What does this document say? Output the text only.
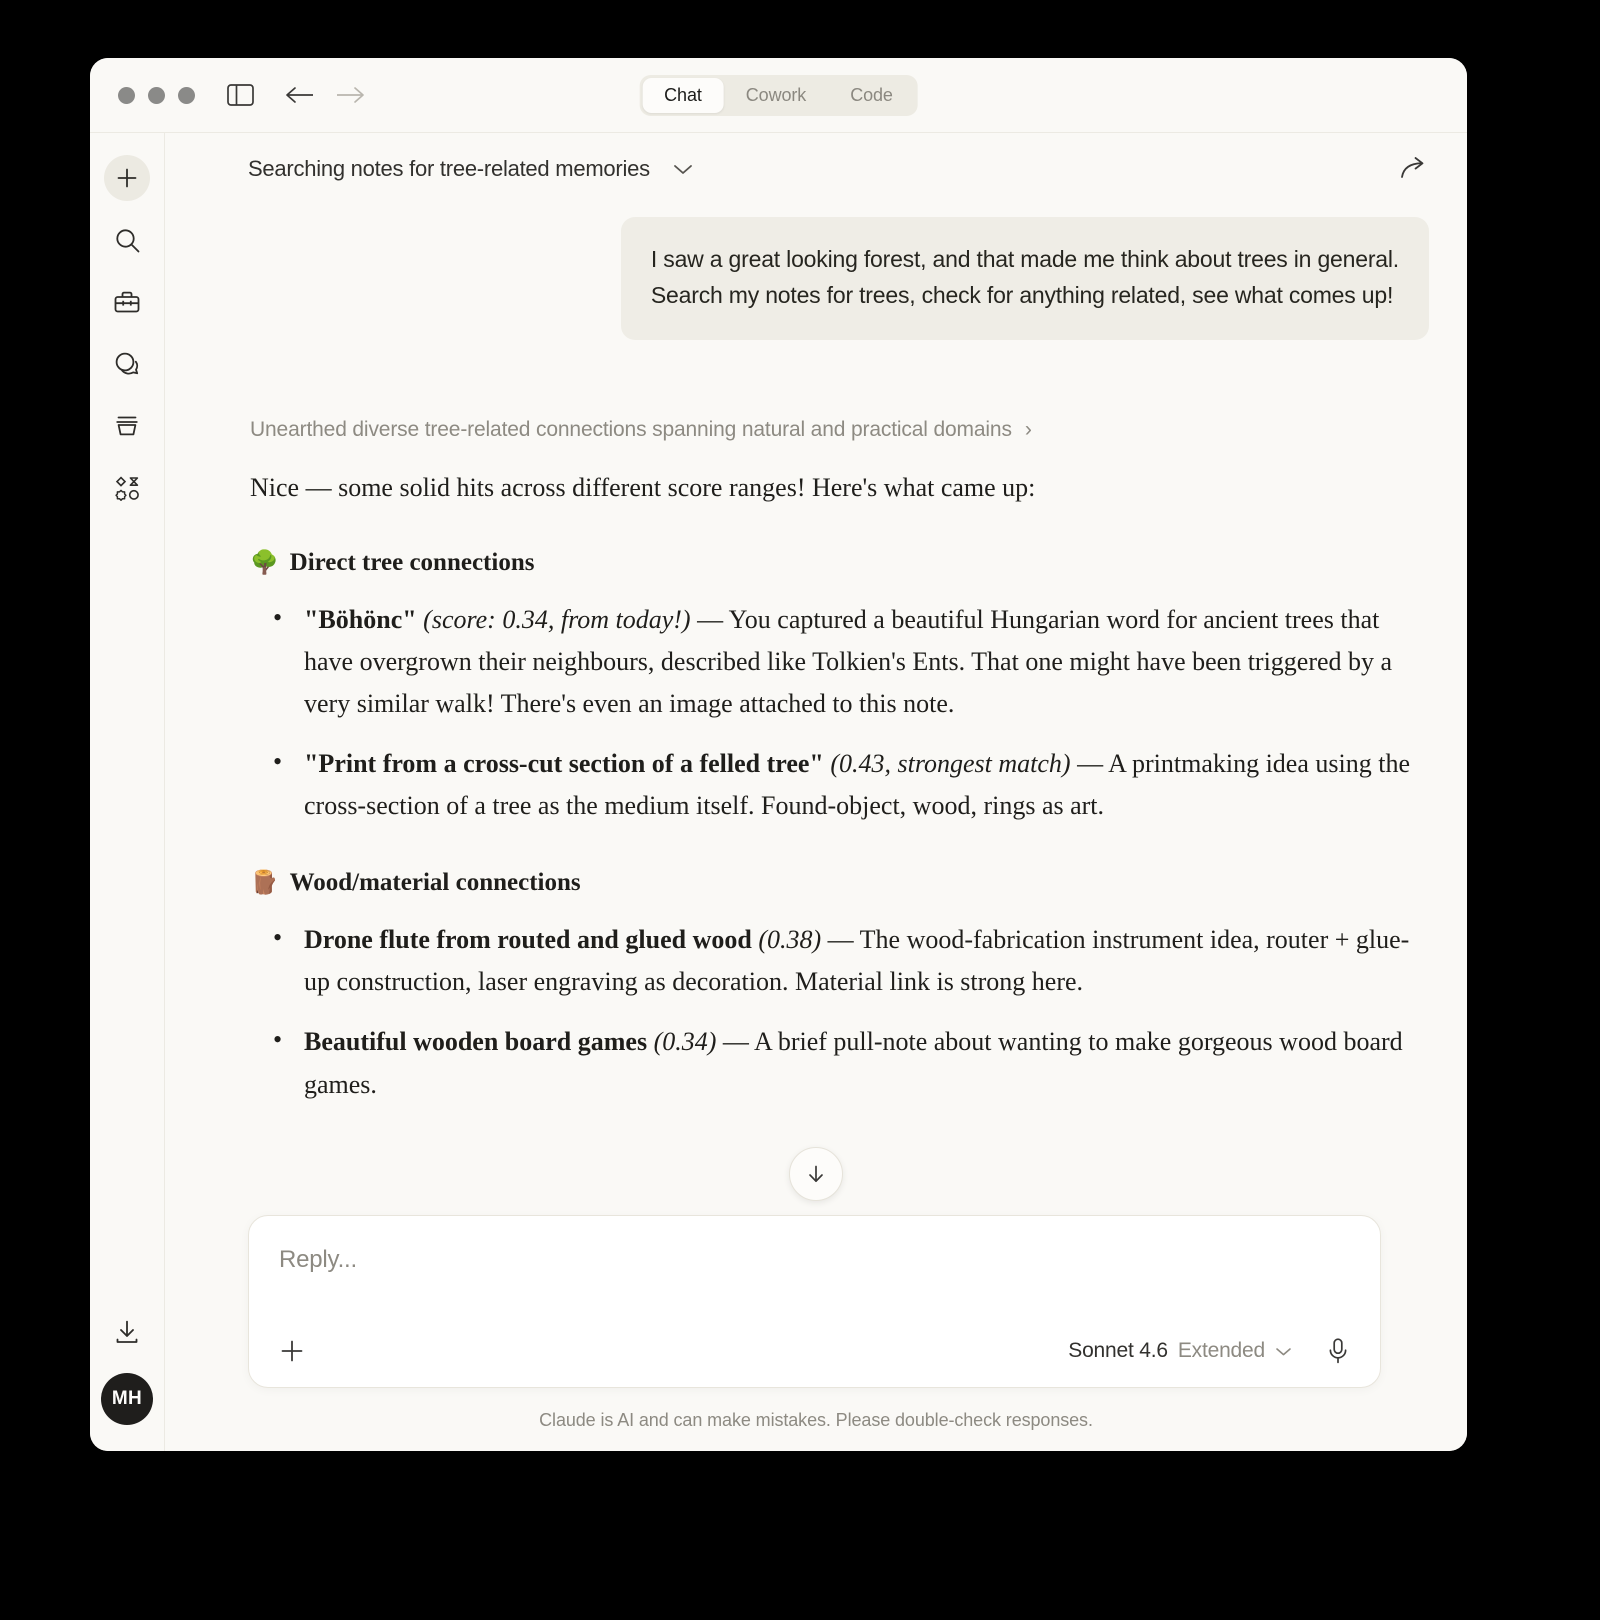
Chat	Cowork	Code
MH
Searching notes for tree-related memories
I saw a great looking forest, and that made me think about trees in general.
Search my notes for trees, check for anything related, see what comes up!
Unearthed diverse tree-related connections spanning natural and practical domains ›
Nice — some solid hits across different score ranges! Here's what came up:
🌳 Direct tree connections
• "Böhönc" (score: 0.34, from today!) — You captured a beautiful Hungarian word for ancient trees that have overgrown their neighbours, described like Tolkien's Ents. That one might have been triggered by a very similar walk! There's even an image attached to this note.
• "Print from a cross-cut section of a felled tree" (0.43, strongest match) — A printmaking idea using the cross-section of a tree as the medium itself. Found-object, wood, rings as art.
🪵 Wood/material connections
• Drone flute from routed and glued wood (0.38) — The wood-fabrication instrument idea, router + glue-up construction, laser engraving as decoration. Material link is strong here.
• Beautiful wooden board games (0.34) — A brief pull-note about wanting to make gorgeous wood board games.
Reply...
Sonnet 4.6 Extended
Claude is AI and can make mistakes. Please double-check responses.
